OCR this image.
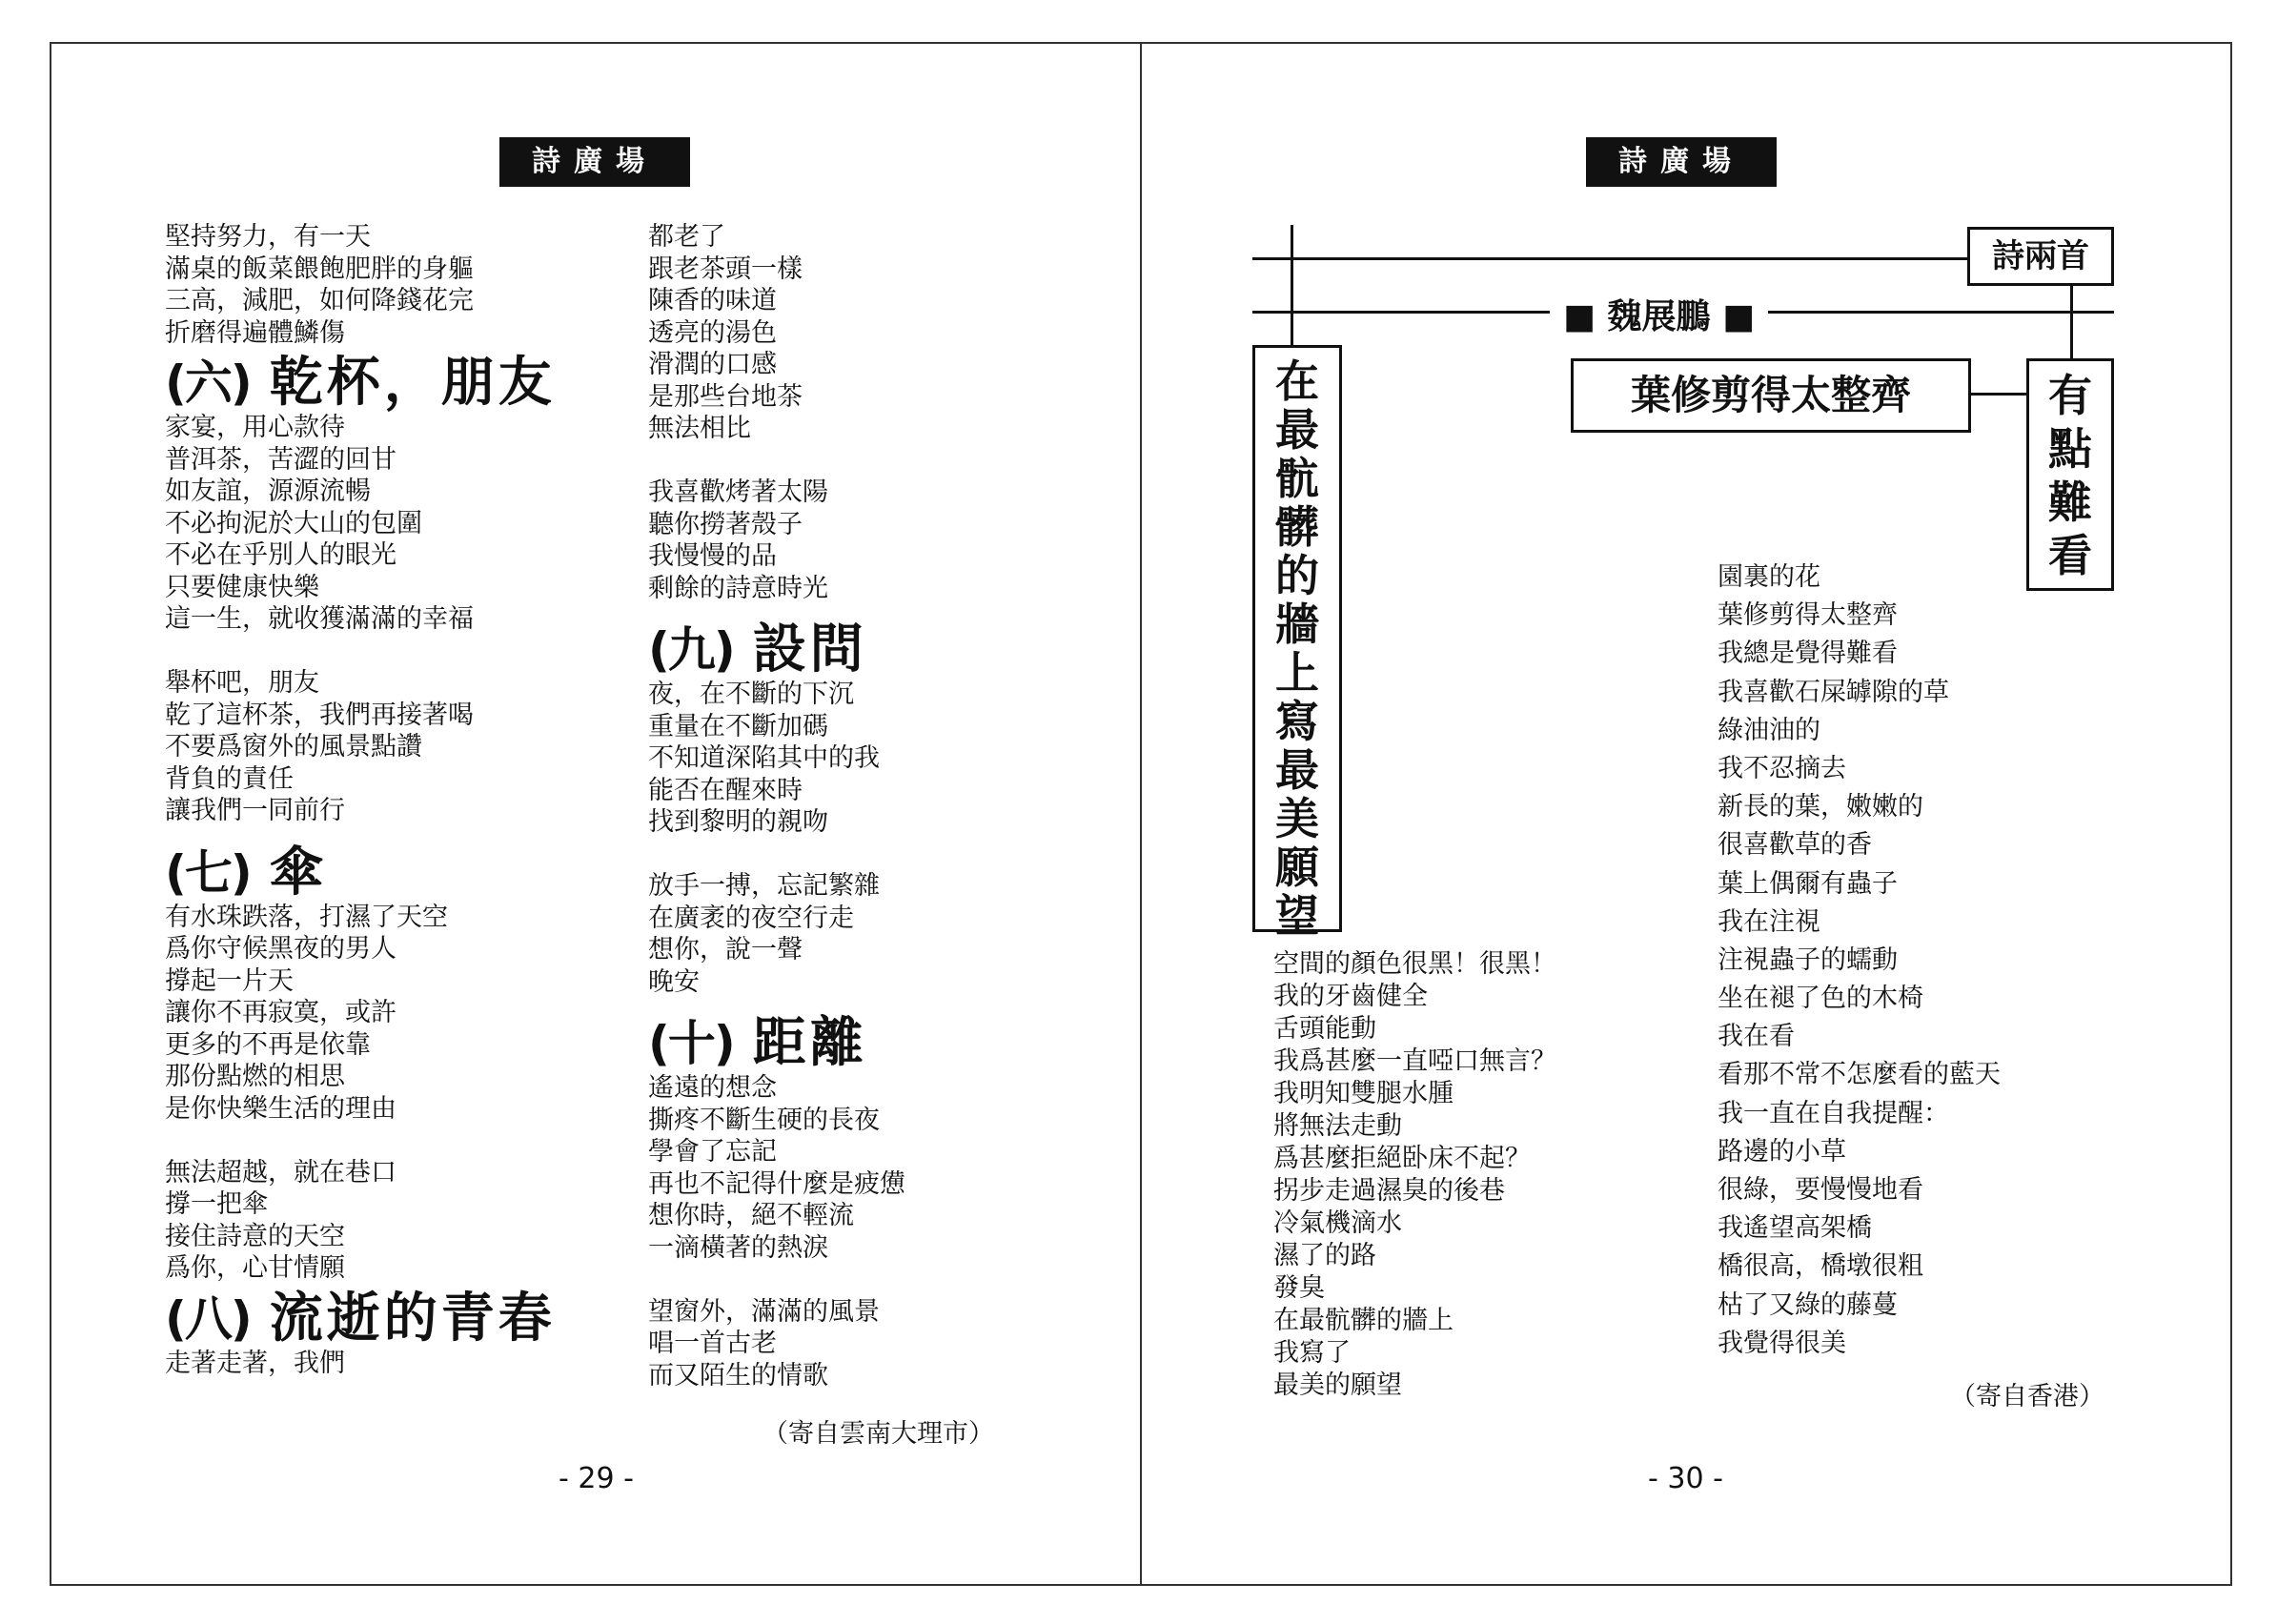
詩廣場
堅持努力，有一天
滿桌的飯菜餵飽肥胖的身軀
三高，減肥，如何降錢花完
折磨得遍體鱗傷
(六) 乾杯，朋友
家宴，用心款待
普洱茶，苦澀的回甘
如友誼，源源流暢
不必拘泥於大山的包圍
不必在乎別人的眼光
只要健康快樂
這一生，就收獲滿滿的幸福
舉杯吧，朋友
乾了這杯茶，我們再接著喝
不要爲窗外的風景點讚
背負的責任
讓我們一同前行
(七) 傘
有水珠跌落，打濕了天空
爲你守候黑夜的男人
撐起一片天
讓你不再寂寞，或許
更多的不再是依靠
那份點燃的相思
是你快樂生活的理由
無法超越，就在巷口
撐一把傘
接住詩意的天空
爲你，心甘情願
(八) 流逝的青春
走著走著，我們
都老了
跟老茶頭一樣
陳香的味道
透亮的湯色
滑潤的口感
是那些台地茶
無法相比
我喜歡烤著太陽
聽你撈著殼子
我慢慢的品
剩餘的詩意時光
(九) 設問
夜，在不斷的下沉
重量在不斷加碼
不知道深陷其中的我
能否在醒來時
找到黎明的親吻
放手一搏，忘記繁雜
在廣袤的夜空行走
想你，說一聲
晚安
(十) 距離
遙遠的想念
撕疼不斷生硬的長夜
學會了忘記
再也不記得什麼是疲憊
想你時，絕不輕流
一滴橫著的熱淚
望窗外，滿滿的風景
唱一首古老
而又陌生的情歌
（寄自雲南大理市）
- 29 -
詩廣場
詩兩首
■ 魏展鵬 ■
在
最
骯
髒
的
牆
上
寫
最
美
願
望
葉修剪得太整齊	有
點
難
看
空間的顏色很黑！很黑！
我的牙齒健全
舌頭能動
我爲甚麼一直啞口無言？
我明知雙腿水腫
將無法走動
爲甚麼拒絕卧床不起？
拐步走過濕臭的後巷
冷氣機滴水
濕了的路
發臭
在最骯髒的牆上
我寫了
最美的願望
園裏的花
葉修剪得太整齊
我總是覺得難看
我喜歡石屎罅隙的草
綠油油的
我不忍摘去
新長的葉，嫩嫩的
很喜歡草的香
葉上偶爾有蟲子
我在注視
注視蟲子的蠕動
坐在褪了色的木椅
我在看
看那不常不怎麼看的藍天
我一直在自我提醒：
路邊的小草
很綠，要慢慢地看
我遙望高架橋
橋很高，橋墩很粗
枯了又綠的藤蔓
我覺得很美
（寄自香港）
- 30 -
